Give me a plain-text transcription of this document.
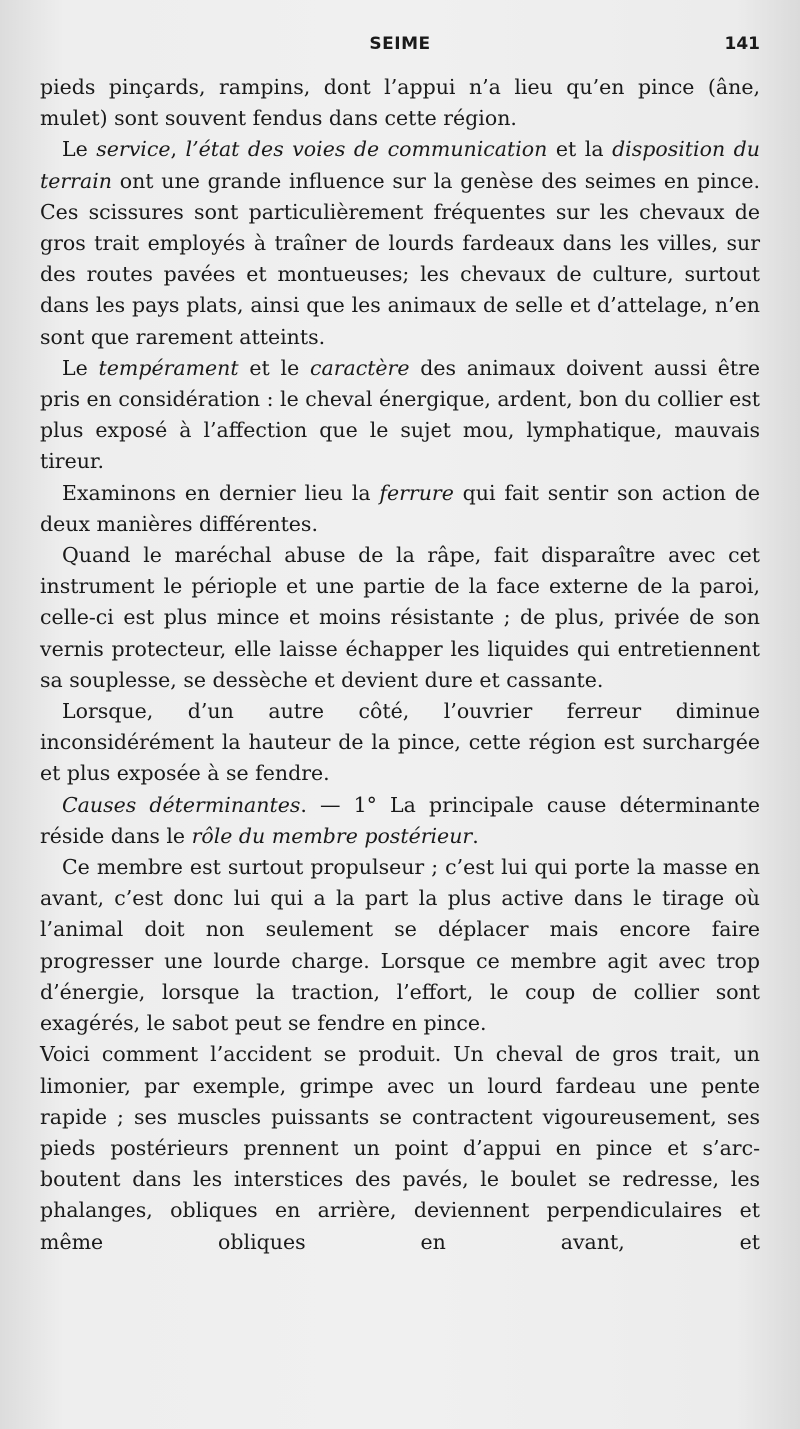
SEIME	141

pieds pinçards, rampins, dont l’appui n’a lieu qu’en pince (âne, mulet) sont souvent fendus dans cette région.

Le service, l’état des voies de communication et la disposition du terrain ont une grande influence sur la genèse des seimes en pince. Ces scissures sont particulièrement fréquentes sur les chevaux de gros trait employés à traîner de lourds fardeaux dans les villes, sur des routes pavées et montueuses; les chevaux de culture, surtout dans les pays plats, ainsi que les animaux de selle et d’attelage, n’en sont que rarement atteints.

Le tempérament et le caractère des animaux doivent aussi être pris en considération : le cheval énergique, ardent, bon du collier est plus exposé à l’affection que le sujet mou, lymphatique, mauvais tireur.

Examinons en dernier lieu la ferrure qui fait sentir son action de deux manières différentes.

Quand le maréchal abuse de la râpe, fait disparaître avec cet instrument le périople et une partie de la face externe de la paroi, celle-ci est plus mince et moins résistante ; de plus, privée de son vernis protecteur, elle laisse échapper les liquides qui entretiennent sa souplesse, se dessèche et devient dure et cassante.

Lorsque, d’un autre côté, l’ouvrier ferreur diminue inconsidérément la hauteur de la pince, cette région est surchargée et plus exposée à se fendre.

Causes déterminantes. — 1° La principale cause déterminante réside dans le rôle du membre postérieur.

Ce membre est surtout propulseur ; c’est lui qui porte la masse en avant, c’est donc lui qui a la part la plus active dans le tirage où l’animal doit non seulement se déplacer mais encore faire progresser une lourde charge. Lorsque ce membre agit avec trop d’énergie, lorsque la traction, l’effort, le coup de collier sont exagérés, le sabot peut se fendre en pince.

Voici comment l’accident se produit. Un cheval de gros trait, un limonier, par exemple, grimpe avec un lourd fardeau une pente rapide ; ses muscles puissants se contractent vigoureusement, ses pieds postérieurs prennent un point d’appui en pince et s’arc-boutent dans les interstices des pavés, le boulet se redresse, les phalanges, obliques en arrière, deviennent perpendiculaires et même obliques en avant, et
